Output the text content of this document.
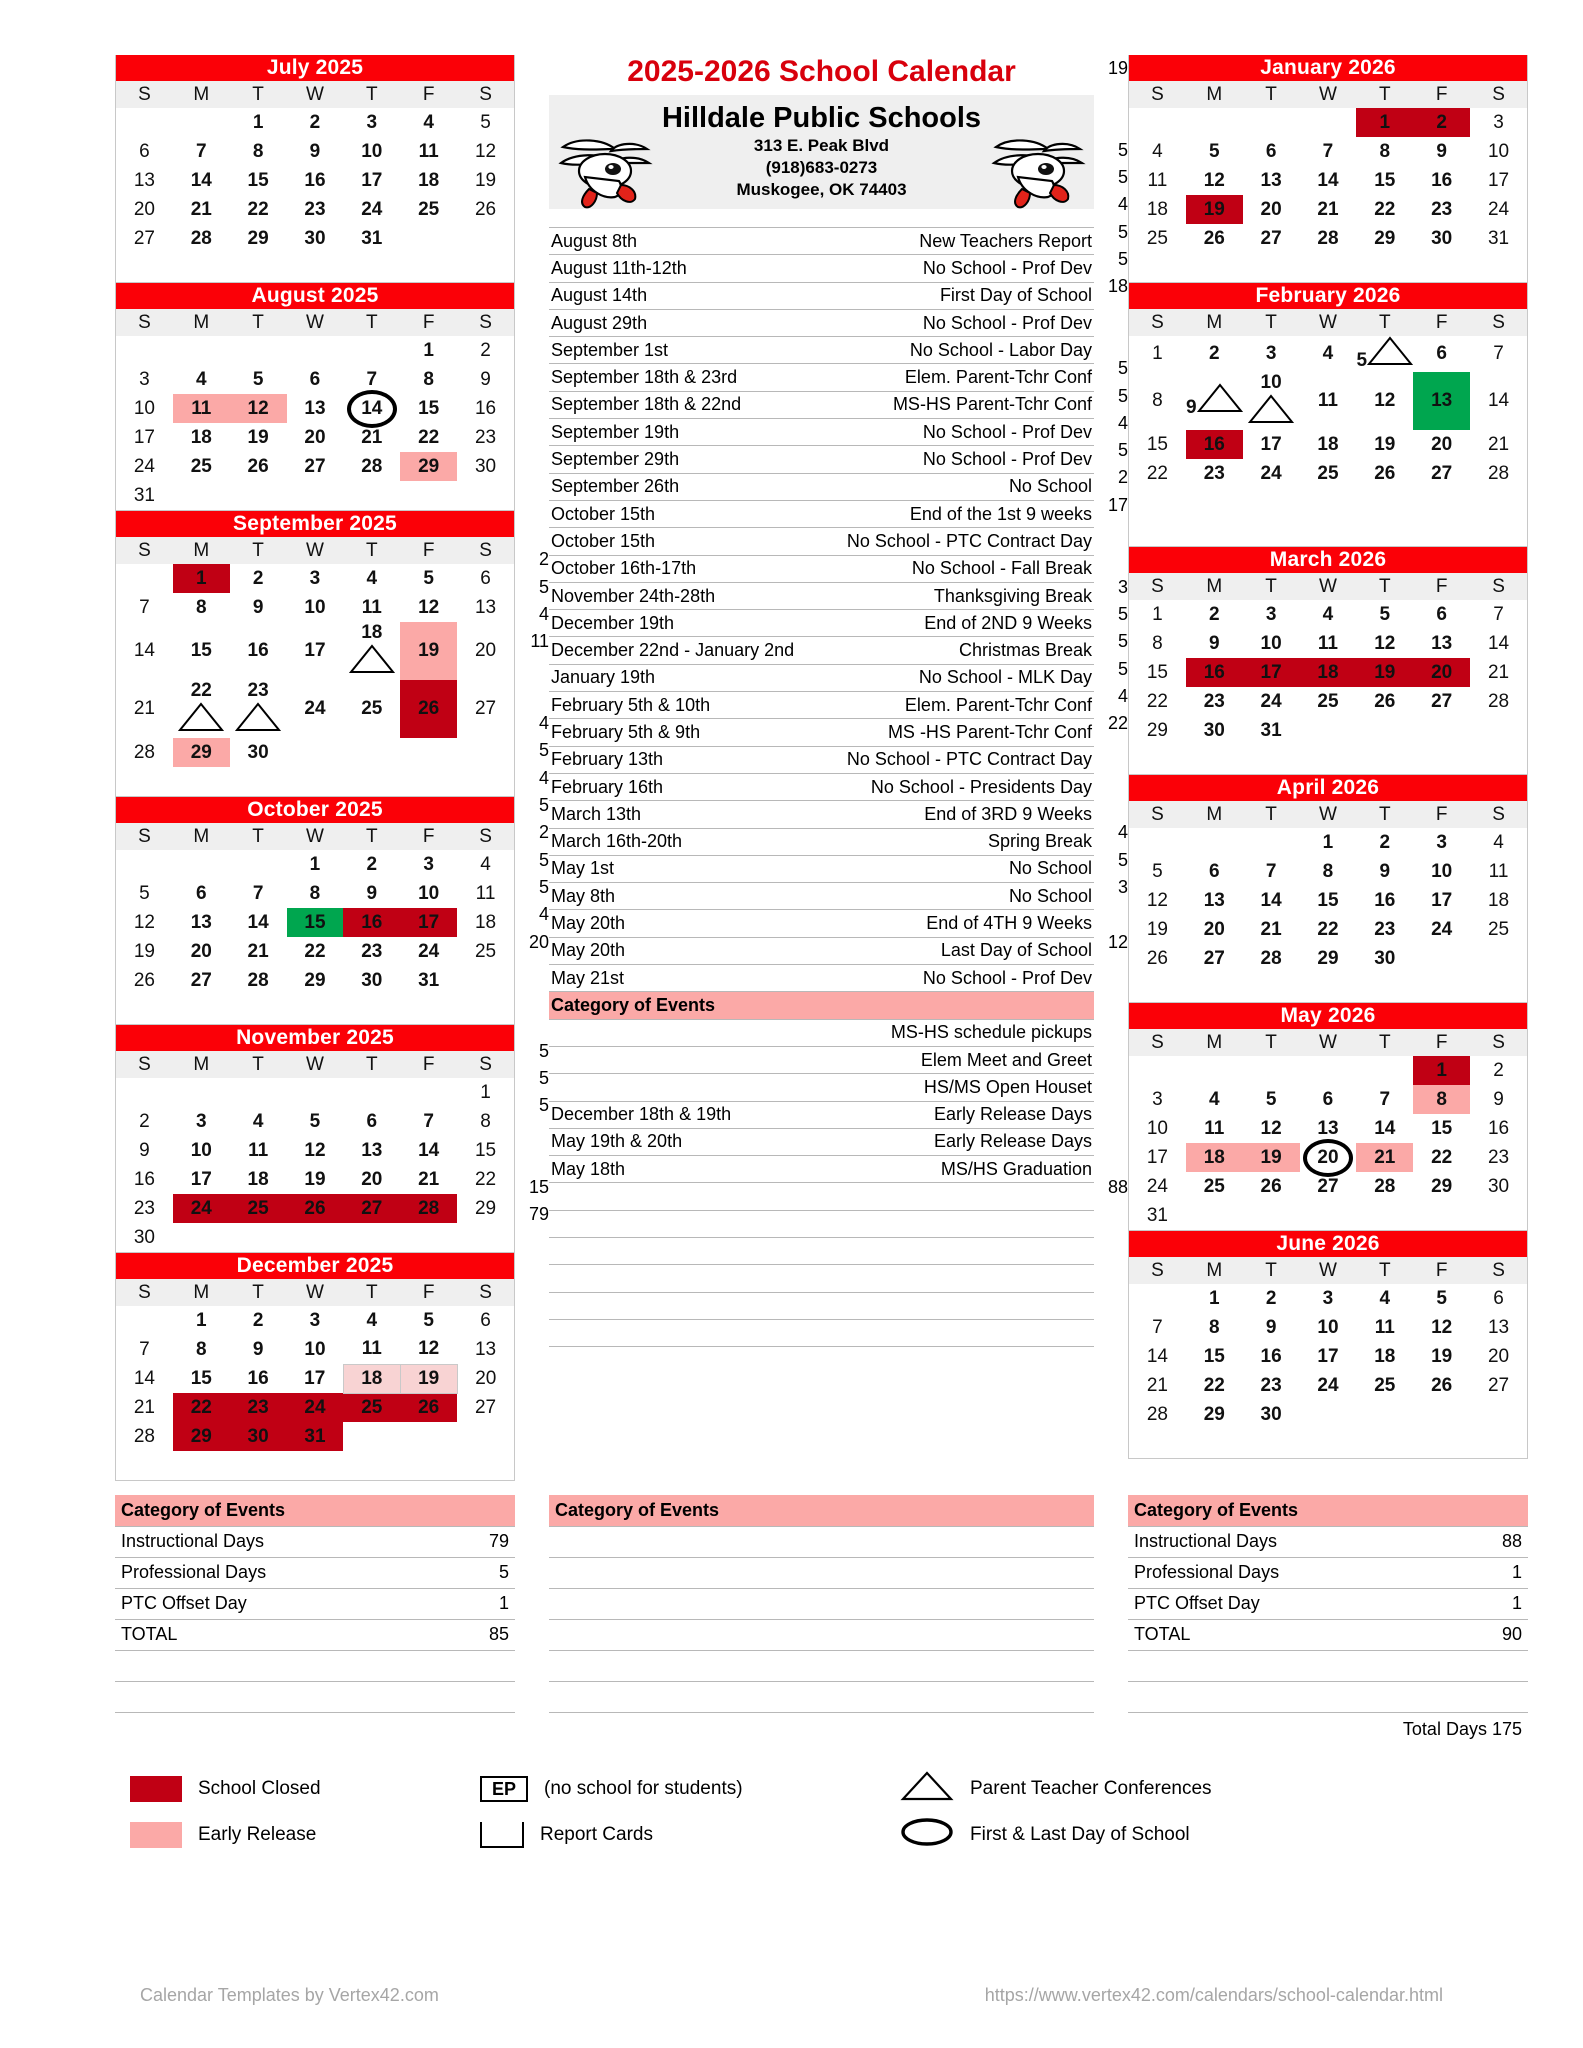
July 2025
S	M	T	W	T	F	S
		1	2	3	4	5
6	7	8	9	10	11	12
13	14	15	16	17	18	19
20	21	22	23	24	25	26
27	28	29	30	31		

August 2025
S	M	T	W	T	F	S
					1	2
3	4	5	6	7	8	9
10	11	12	13	14	15	16
17	18	19	20	21	22	23
24	25	26	27	28	29	30
31						
September 2025
S	M	T	W	T	F	S
	1	2	3	4	5	6
7	8	9	10	11	12	13
14	15	16	17	18	19	20
21	22	23	24	25	26	27
28	29	30				

October 2025
S	M	T	W	T	F	S
			1	2	3	4
5	6	7	8	9	10	11
12	13	14	15	16	17	18
19	20	21	22	23	24	25
26	27	28	29	30	31	

November 2025
S	M	T	W	T	F	S
						1
2	3	4	5	6	7	8
9	10	11	12	13	14	15
16	17	18	19	20	21	22
23	24	25	26	27	28	29
30						
December 2025
S	M	T	W	T	F	S
	1	2	3	4	5	6
7	8	9	10	11	12	13
14	15	16	17	18	19	20
21	22	23	24	25	26	27
28	29	30	31			

2
5
4
11
4
5
4
5
2
5
5
4
20
5
5
5
15
79
2025-2026 School Calendar
Hilldale Public Schools
313 E. Peak Blvd
(918)683-0273
Muskogee, OK 74403
August 8th	New Teachers Report
August 11th-12th	No School - Prof Dev
August 14th	First Day of School
August 29th	No School - Prof Dev
September 1st	No School - Labor Day
September 18th & 23rd	Elem. Parent-Tchr Conf
September 18th & 22nd	MS-HS Parent-Tchr Conf
September 19th	No School - Prof Dev
September 29th	No School - Prof Dev
September 26th	No School
October 15th	End of the 1st 9 weeks
October 15th	No School - PTC Contract Day
October 16th-17th	No School - Fall Break
November 24th-28th	Thanksgiving Break
December 19th	End of 2ND 9 Weeks
December 22nd - January 2nd	Christmas Break
January 19th	No School - MLK Day
February 5th & 10th	Elem. Parent-Tchr Conf
February 5th & 9th	MS -HS Parent-Tchr Conf
February 13th	No School - PTC Contract Day
February 16th	No School - Presidents Day
March 13th	End of 3RD 9 Weeks
March 16th-20th	Spring Break
May 1st	No School
May 8th	No School
May 20th	End of 4TH 9 Weeks
May 20th	Last Day of School
May 21st	No School - Prof Dev
Category of Events	
	MS-HS schedule pickups
	Elem Meet and Greet
	HS/MS Open Houset
December 18th & 19th	Early Release Days
May 19th & 20th	Early Release Days
May 18th	MS/HS Graduation

19
5
5
4
5
5
18
5
5
4
5
2
17
3
5
5
5
4
22
4
5
3
12
88
January 2026
S	M	T	W	T	F	S
				1	2	3
4	5	6	7	8	9	10
11	12	13	14	15	16	17
18	19	20	21	22	23	24
25	26	27	28	29	30	31

February 2026
S	M	T	W	T	F	S
1	2	3	4	5	6	7
8	9	10	11	12	13	14
15	16	17	18	19	20	21
22	23	24	25	26	27	28

March 2026
S	M	T	W	T	F	S
1	2	3	4	5	6	7
8	9	10	11	12	13	14
15	16	17	18	19	20	21
22	23	24	25	26	27	28
29	30	31				

April 2026
S	M	T	W	T	F	S
			1	2	3	4
5	6	7	8	9	10	11
12	13	14	15	16	17	18
19	20	21	22	23	24	25
26	27	28	29	30		

May 2026
S	M	T	W	T	F	S
					1	2
3	4	5	6	7	8	9
10	11	12	13	14	15	16
17	18	19	20	21	22	23
24	25	26	27	28	29	30
31						
June 2026
S	M	T	W	T	F	S
	1	2	3	4	5	6
7	8	9	10	11	12	13
14	15	16	17	18	19	20
21	22	23	24	25	26	27
28	29	30				

Category of Events	
Instructional Days	79
Professional Days	5
PTC Offset Day	1
TOTAL	85

Category of Events	

		Category of Events	
Instructional Days	88
Professional Days	1
PTC Offset Day	1
TOTAL	90

Total Days 175
School Closed
Early Release
EP	(no school for students)
Report Cards
Parent Teacher Conferences
First & Last Day of School
Calendar Templates by Vertex42.com	https://www.vertex42.com/calendars/school-calendar.html
